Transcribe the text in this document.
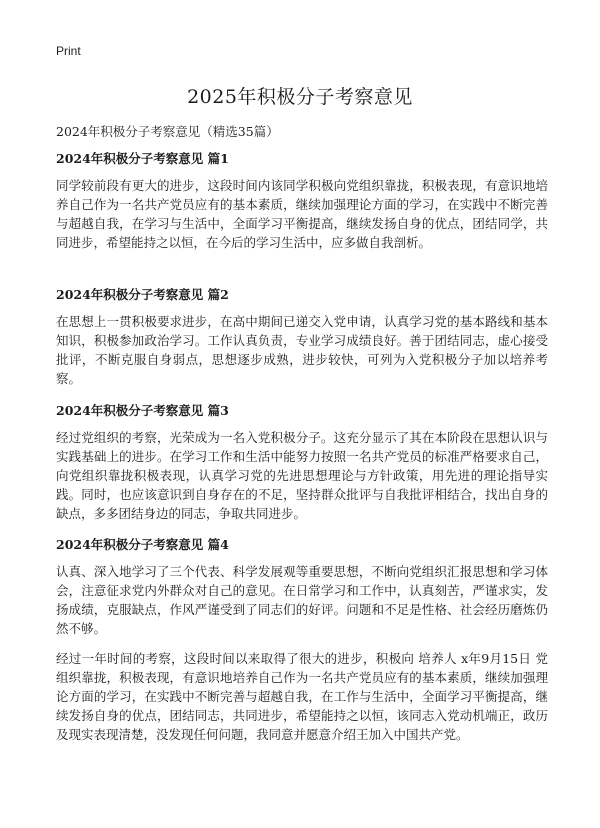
Print
2025年积极分子考察意见

2024年积极分子考察意见（精选35篇）

2024年积极分子考察意见 篇1

同学较前段有更大的进步，这段时间内该同学积极向党组织靠拢，积极表现，有意识地培养自己作为一名共产党员应有的基本素质，继续加强理论方面的学习，在实践中不断完善与超越自我，在学习与生活中，全面学习平衡提高，继续发扬自身的优点，团结同学，共同进步，希望能持之以恒，在今后的学习生活中，应多做自我剖析。

2024年积极分子考察意见 篇2

在思想上一贯积极要求进步，在高中期间已递交入党申请，认真学习党的基本路线和基本知识，积极参加政治学习。工作认真负责，专业学习成绩良好。善于团结同志，虚心接受批评，不断克服自身弱点，思想逐步成熟，进步较快，可列为入党积极分子加以培养考察。

2024年积极分子考察意见 篇3

经过党组织的考察，光荣成为一名入党积极分子。这充分显示了其在本阶段在思想认识与实践基础上的进步。在学习工作和生活中能努力按照一名共产党员的标准严格要求自己，向党组织靠拢积极表现，认真学习党的先进思想理论与方针政策，用先进的理论指导实践。同时，也应该意识到自身存在的不足，坚持群众批评与自我批评相结合，找出自身的缺点，多多团结身边的同志，争取共同进步。

2024年积极分子考察意见 篇4

认真、深入地学习了三个代表、科学发展观等重要思想，不断向党组织汇报思想和学习体会，注意征求党内外群众对自己的意见。在日常学习和工作中，认真刻苦，严谨求实，发扬成绩，克服缺点，作风严谨受到了同志们的好评。问题和不足是性格、社会经历磨炼仍然不够。

经过一年时间的考察，这段时间以来取得了很大的进步，积极向 培养人 x年9月15日 党组织靠拢，积极表现，有意识地培养自己作为一名共产党员应有的基本素质，继续加强理论方面的学习，在实践中不断完善与超越自我，在工作与生活中，全面学习平衡提高，继续发扬自身的优点，团结同志，共同进步，希望能持之以恒，该同志入党动机端正，政历及现实表现清楚，没发现任何问题，我同意并愿意介绍王加入中国共产党。
